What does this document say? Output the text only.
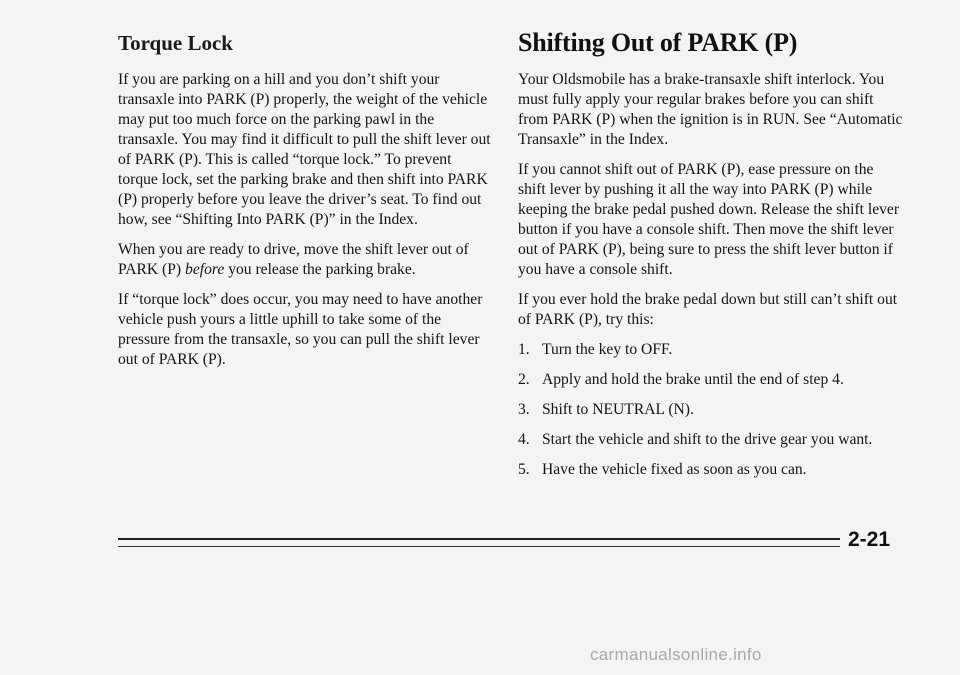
Torque Lock

If you are parking on a hill and you don’t shift your transaxle into PARK (P) properly, the weight of the vehicle may put too much force on the parking pawl in the transaxle. You may find it difficult to pull the shift lever out of PARK (P). This is called “torque lock.” To prevent torque lock, set the parking brake and then shift into PARK (P) properly before you leave the driver’s seat. To find out how, see “Shifting Into PARK (P)” in the Index.

When you are ready to drive, move the shift lever out of PARK (P) before you release the parking brake.

If “torque lock” does occur, you may need to have another vehicle push yours a little uphill to take some of the pressure from the transaxle, so you can pull the shift lever out of PARK (P).

Shifting Out of PARK (P)

Your Oldsmobile has a brake-transaxle shift interlock. You must fully apply your regular brakes before you can shift from PARK (P) when the ignition is in RUN. See “Automatic Transaxle” in the Index.

If you cannot shift out of PARK (P), ease pressure on the shift lever by pushing it all the way into PARK (P) while keeping the brake pedal pushed down. Release the shift lever button if you have a console shift. Then move the shift lever out of PARK (P), being sure to press the shift lever button if you have a console shift.

If you ever hold the brake pedal down but still can’t shift out of PARK (P), try this:

1. Turn the key to OFF.
2. Apply and hold the brake until the end of step 4.
3. Shift to NEUTRAL (N).
4. Start the vehicle and shift to the drive gear you want.
5. Have the vehicle fixed as soon as you can.
2-21
carmanualsonline.info
